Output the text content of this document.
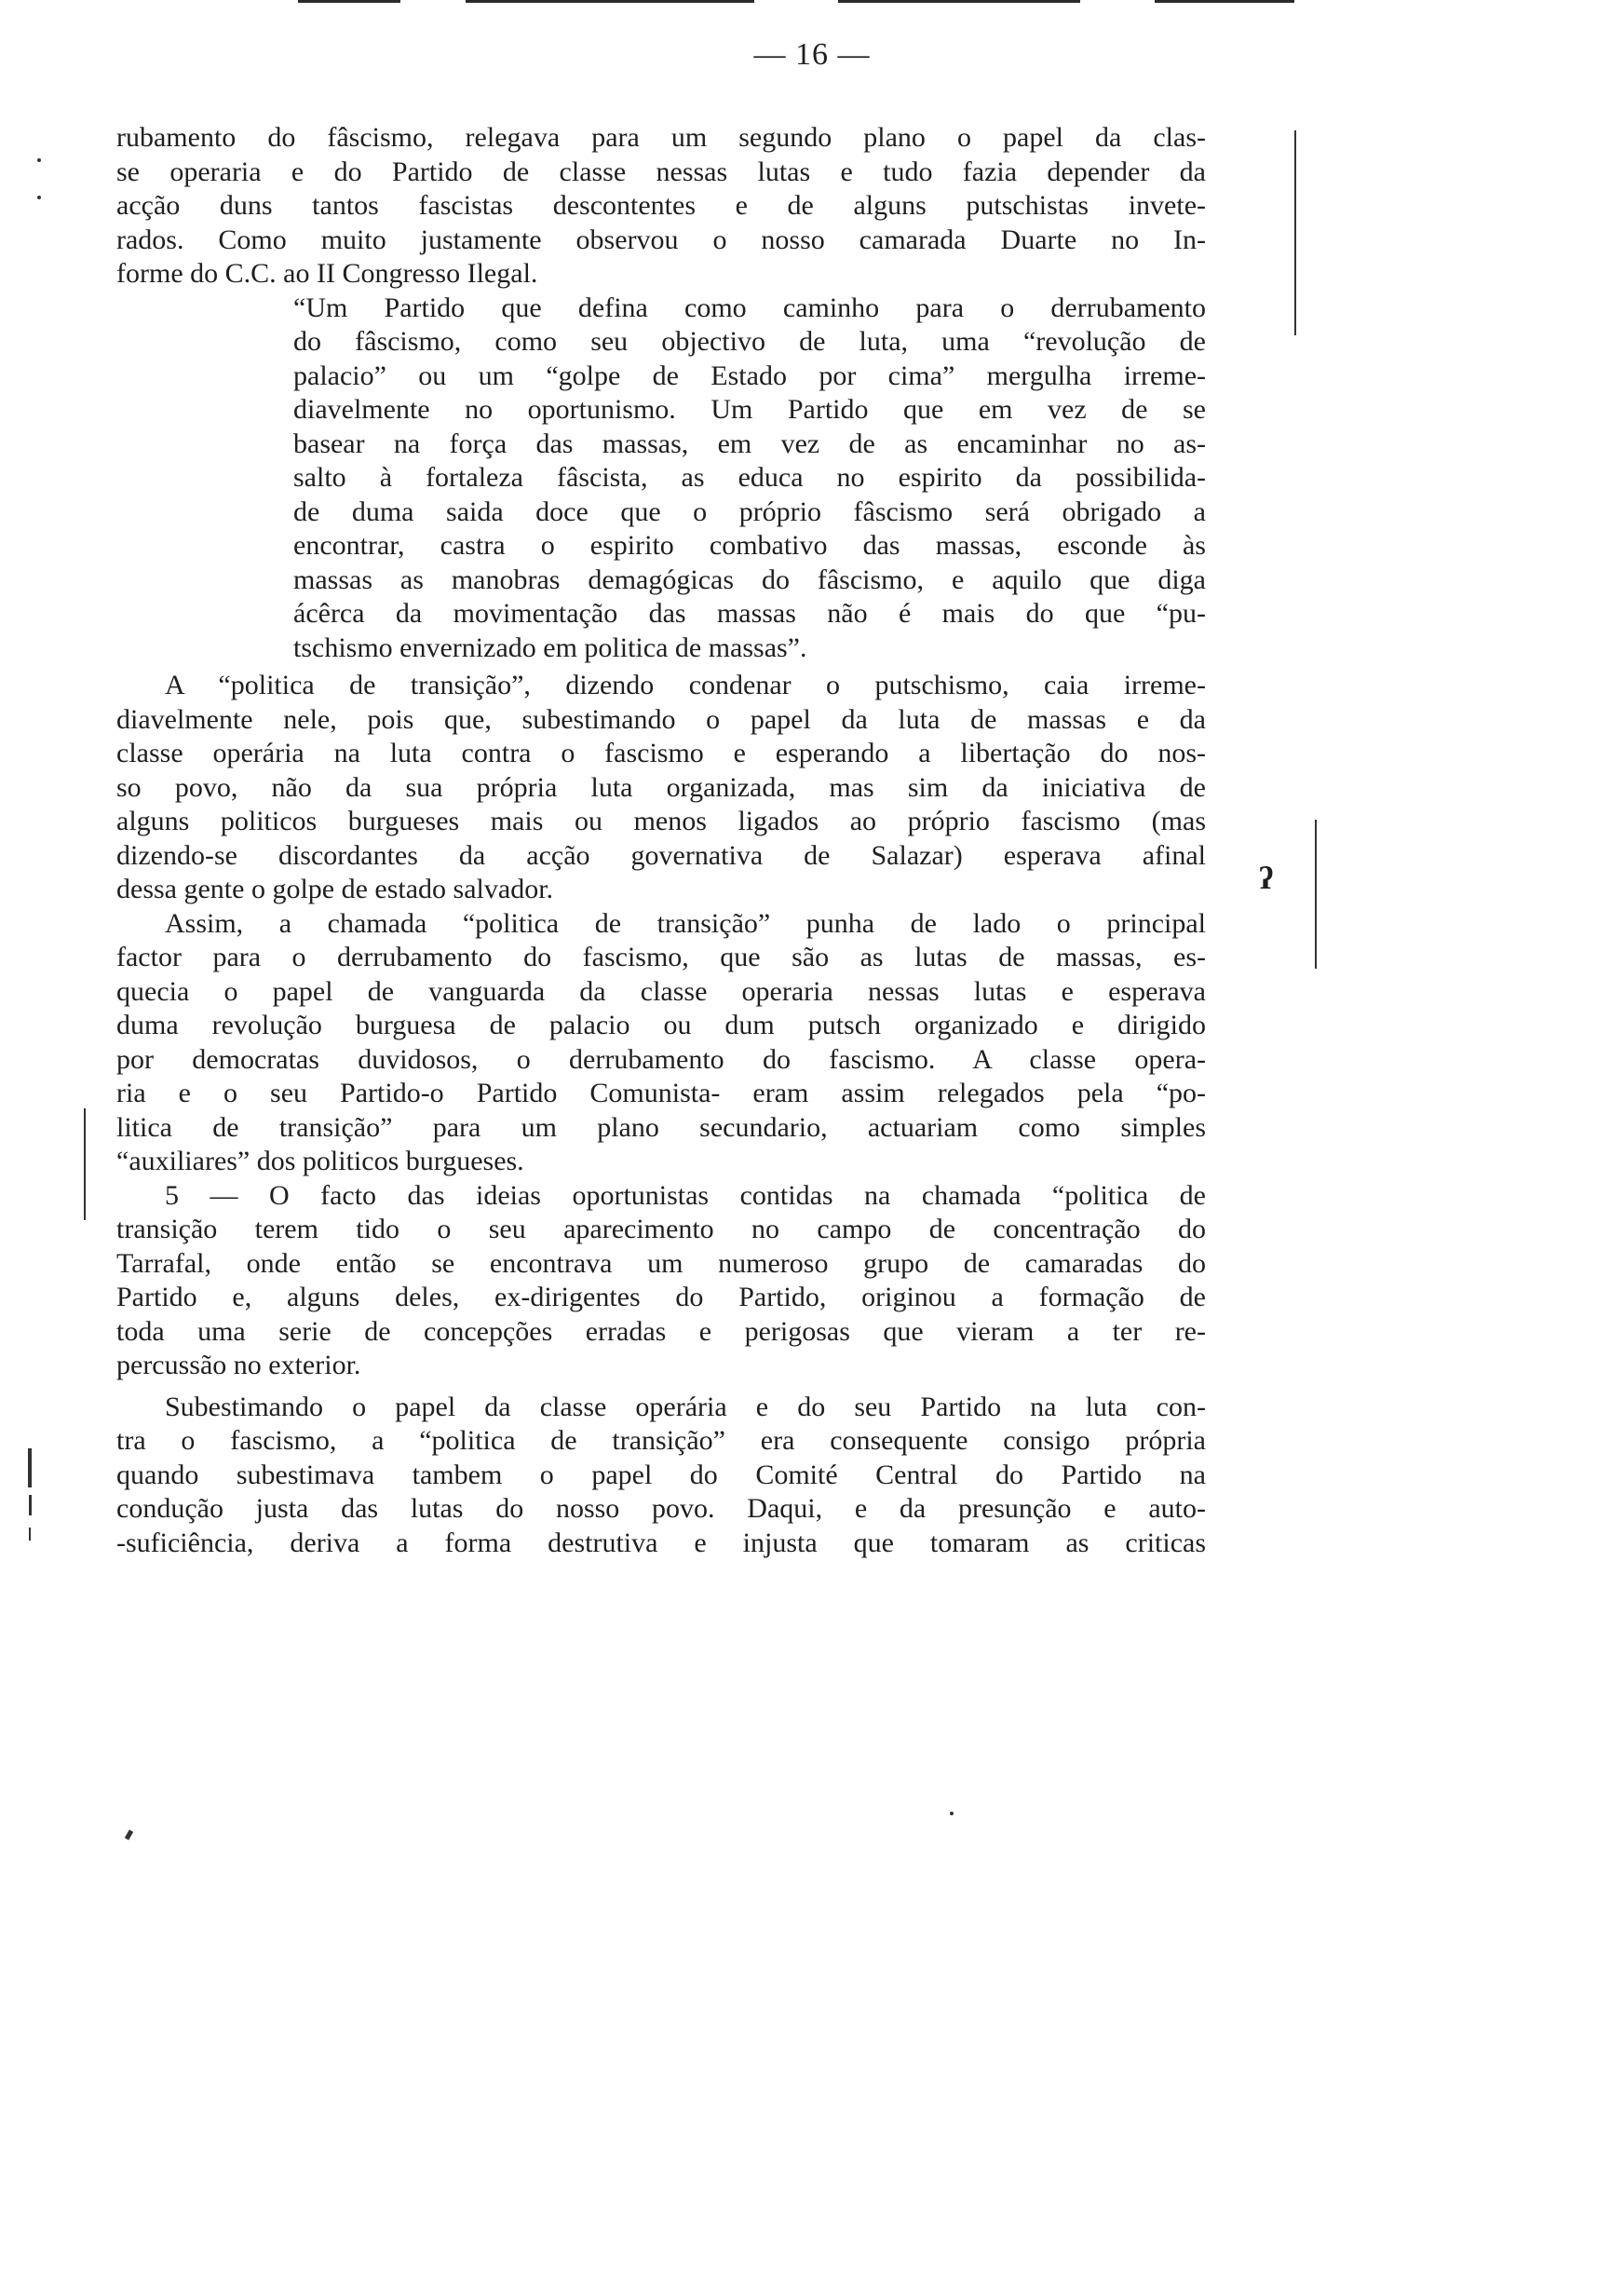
— 16 —
rubamento do fâscismo, relegava para um segundo plano o papel da clas-
se operaria e do Partido de classe nessas lutas e tudo fazia depender da
acção duns tantos fascistas descontentes e de alguns putschistas invete-
rados. Como muito justamente observou o nosso camarada Duarte no In-
forme do C.C. ao II Congresso Ilegal.
“Um Partido que defina como caminho para o derrubamento
do fâscismo, como seu objectivo de luta, uma “revolução de
palacio” ou um “golpe de Estado por cima” mergulha irreme-
diavelmente no oportunismo. Um Partido que em vez de se
basear na força das massas, em vez de as encaminhar no as-
salto à fortaleza fâscista, as educa no espirito da possibilida-
de duma saida doce que o próprio fâscismo será obrigado a
encontrar, castra o espirito combativo das massas, esconde às
massas as manobras demagógicas do fâscismo, e aquilo que diga
ácêrca da movimentação das massas não é mais do que “pu-
tschismo envernizado em politica de massas”.
A “politica de transição”, dizendo condenar o putschismo, caia irreme-
diavelmente nele, pois que, subestimando o papel da luta de massas e da
classe operária na luta contra o fascismo e esperando a libertação do nos-
so povo, não da sua própria luta organizada, mas sim da iniciativa de
alguns politicos burgueses mais ou menos ligados ao próprio fascismo (mas
dizendo-se discordantes da acção governativa de Salazar) esperava afinal
dessa gente o golpe de estado salvador.
Assim, a chamada “politica de transição” punha de lado o principal
factor para o derrubamento do fascismo, que são as lutas de massas, es-
quecia o papel de vanguarda da classe operaria nessas lutas e esperava
duma revolução burguesa de palacio ou dum putsch organizado e dirigido
por democratas duvidosos, o derrubamento do fascismo. A classe opera-
ria e o seu Partido-o Partido Comunista- eram assim relegados pela “po-
litica de transição” para um plano secundario, actuariam como simples
“auxiliares” dos politicos burgueses.
5 — O facto das ideias oportunistas contidas na chamada “politica de
transição terem tido o seu aparecimento no campo de concentração do
Tarrafal, onde então se encontrava um numeroso grupo de camaradas do
Partido e, alguns deles, ex-dirigentes do Partido, originou a formação de
toda uma serie de concepções erradas e perigosas que vieram a ter re-
percussão no exterior.
Subestimando o papel da classe operária e do seu Partido na luta con-
tra o fascismo, a “politica de transição” era consequente consigo própria
quando subestimava tambem o papel do Comité Central do Partido na
condução justa das lutas do nosso povo. Daqui, e da presunção e auto-
-suficiência, deriva a forma destrutiva e injusta que tomaram as criticas
ʔ
